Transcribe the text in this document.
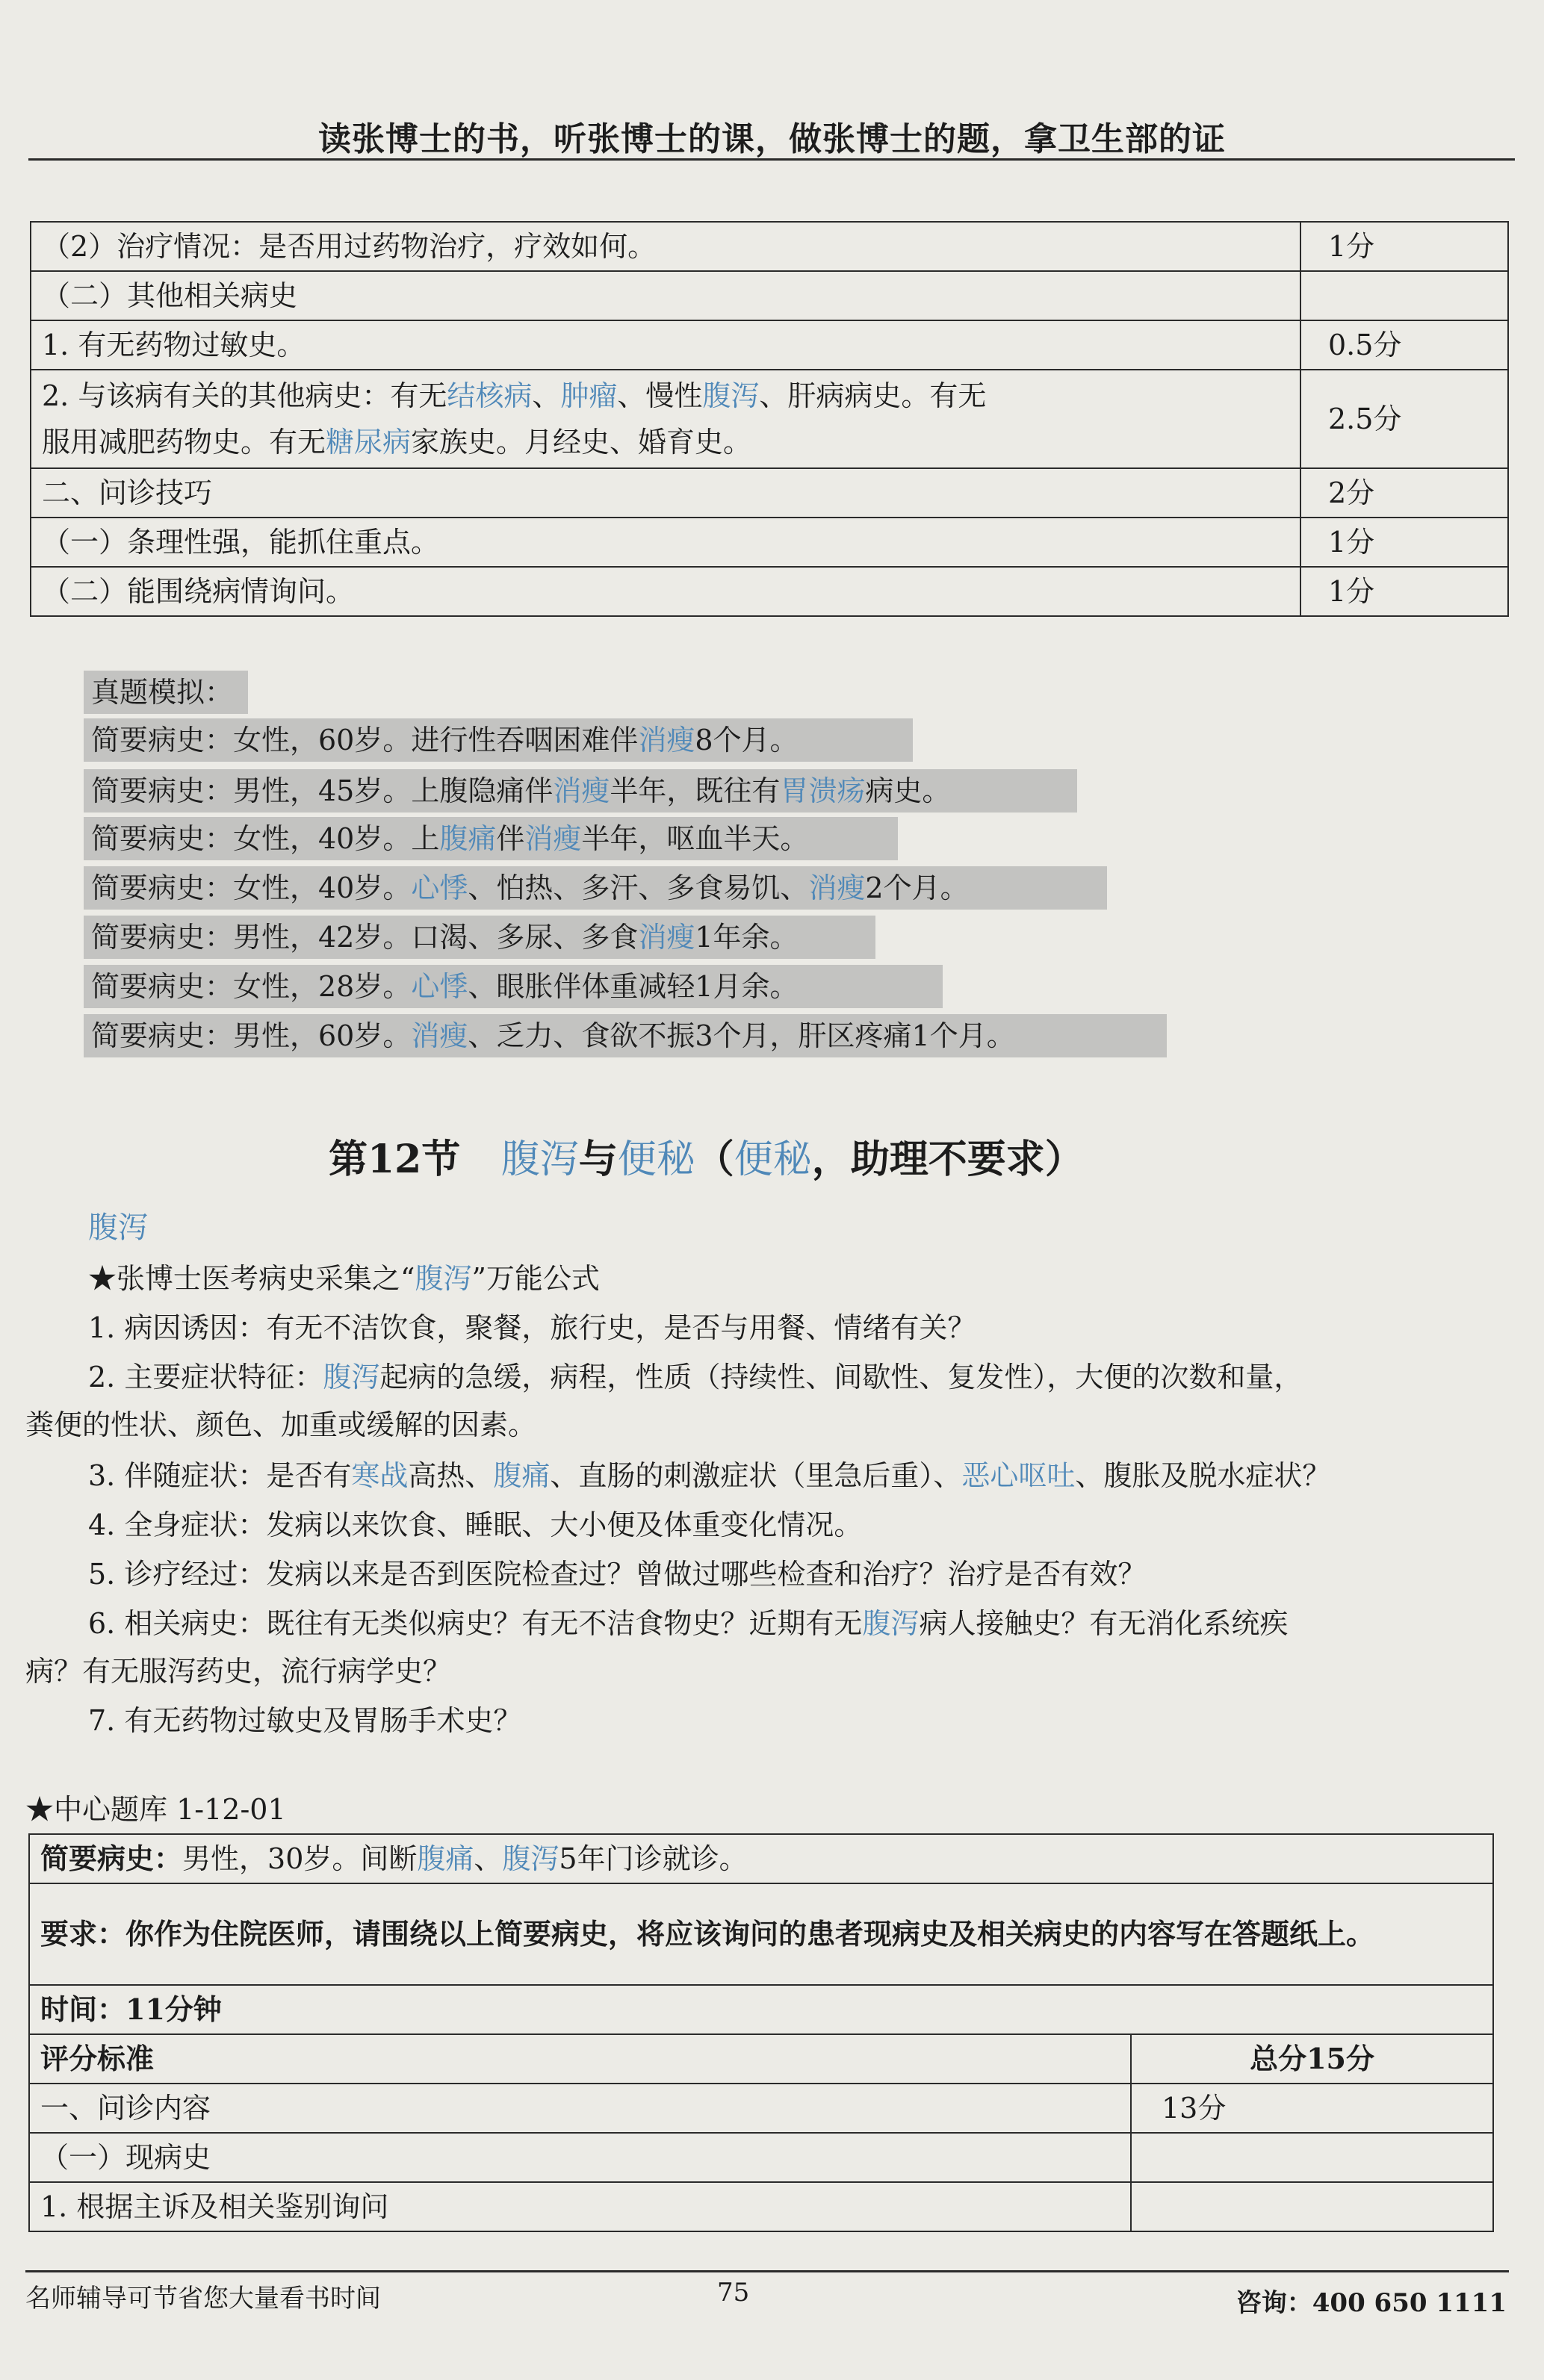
读张博士的书，听张博士的课，做张博士的题，拿卫生部的证
（2）治疗情况：是否用过药物治疗，疗效如何。	1分
（二）其他相关病史	
1. 有无药物过敏史。	0.5分

2. 与该病有关的其他病史：有无结核病、肿瘤、慢性腹泻、肝病病史。有无
服用减肥药物史。有无糖尿病家族史。月经史、婚育史。	2.5分
二、问诊技巧	2分
（一）条理性强，能抓住重点。	1分
（二）能围绕病情询问。	1分
真题模拟：
简要病史：女性，60岁。进行性吞咽困难伴消瘦8个月。
简要病史：男性，45岁。上腹隐痛伴消瘦半年，既往有胃溃疡病史。
简要病史：女性，40岁。上腹痛伴消瘦半年，呕血半天。
简要病史：女性，40岁。心悸、怕热、多汗、多食易饥、消瘦2个月。
简要病史：男性，42岁。口渴、多尿、多食消瘦1年余。
简要病史：女性，28岁。心悸、眼胀伴体重减轻1月余。
简要病史：男性，60岁。消瘦、乏力、食欲不振3个月，肝区疼痛1个月。
第12节 腹泻与便秘（便秘，助理不要求）
腹泻
★张博士医考病史采集之“腹泻”万能公式
1. 病因诱因：有无不洁饮食，聚餐，旅行史，是否与用餐、情绪有关？
2. 主要症状特征：腹泻起病的急缓，病程，性质（持续性、间歇性、复发性），大便的次数和量，
粪便的性状、颜色、加重或缓解的因素。
3. 伴随症状：是否有寒战高热、腹痛、直肠的刺激症状（里急后重）、恶心呕吐、腹胀及脱水症状？
4. 全身症状：发病以来饮食、睡眠、大小便及体重变化情况。
5. 诊疗经过：发病以来是否到医院检查过？曾做过哪些检查和治疗？治疗是否有效？
6. 相关病史：既往有无类似病史？有无不洁食物史？近期有无腹泻病人接触史？有无消化系统疾
病？有无服泻药史，流行病学史？
7. 有无药物过敏史及胃肠手术史？
★中心题库 1-12-01
简要病史：男性，30岁。间断腹痛、腹泻5年门诊就诊。	
要求：你作为住院医师，请围绕以上简要病史，将应该询问的患者现病史及相关病史的内容写在答题纸上。	
时间：11分钟	
评分标准	总分15分
一、问诊内容	13分
（一）现病史	
1. 根据主诉及相关鉴别询问	
名师辅导可节省您大量看书时间	75	咨询：400 650 1111
